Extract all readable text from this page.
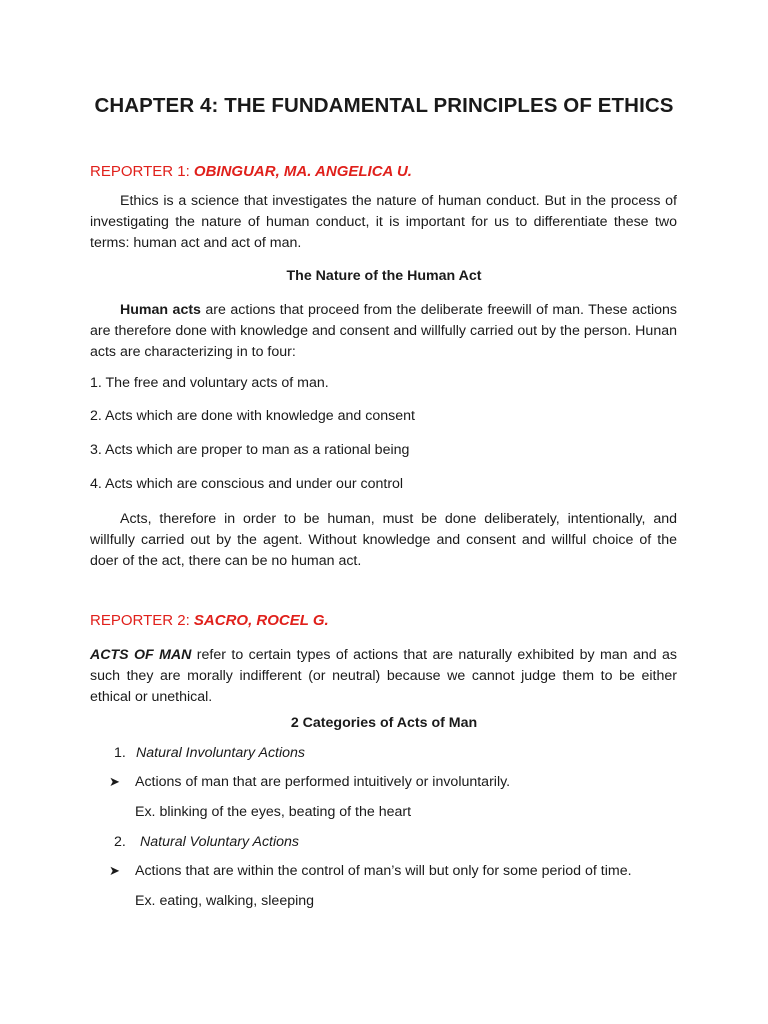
CHAPTER 4: THE FUNDAMENTAL PRINCIPLES OF ETHICS

REPORTER 1: OBINGUAR, MA. ANGELICA U.

Ethics is a science that investigates the nature of human conduct. But in the process of investigating the nature of human conduct, it is important for us to differentiate these two terms: human act and act of man.

The Nature of the Human Act

Human acts are actions that proceed from the deliberate freewill of man. These actions are therefore done with knowledge and consent and willfully carried out by the person. Hunan acts are characterizing in to four:

1. The free and voluntary acts of man.

2. Acts which are done with knowledge and consent

3. Acts which are proper to man as a rational being

4. Acts which are conscious and under our control

Acts, therefore in order to be human, must be done deliberately, intentionally, and willfully carried out by the agent. Without knowledge and consent and willful choice of the doer of the act, there can be no human act.

REPORTER 2: SACRO, ROCEL G.

ACTS OF MAN refer to certain types of actions that are naturally exhibited by man and as such they are morally indifferent (or neutral) because we cannot judge them to be either ethical or unethical.

2 Categories of Acts of Man

1. Natural Involuntary Actions

➤ Actions of man that are performed intuitively or involuntarily.

Ex. blinking of the eyes, beating of the heart

2. Natural Voluntary Actions

➤ Actions that are within the control of man’s will but only for some period of time.

Ex. eating, walking, sleeping
